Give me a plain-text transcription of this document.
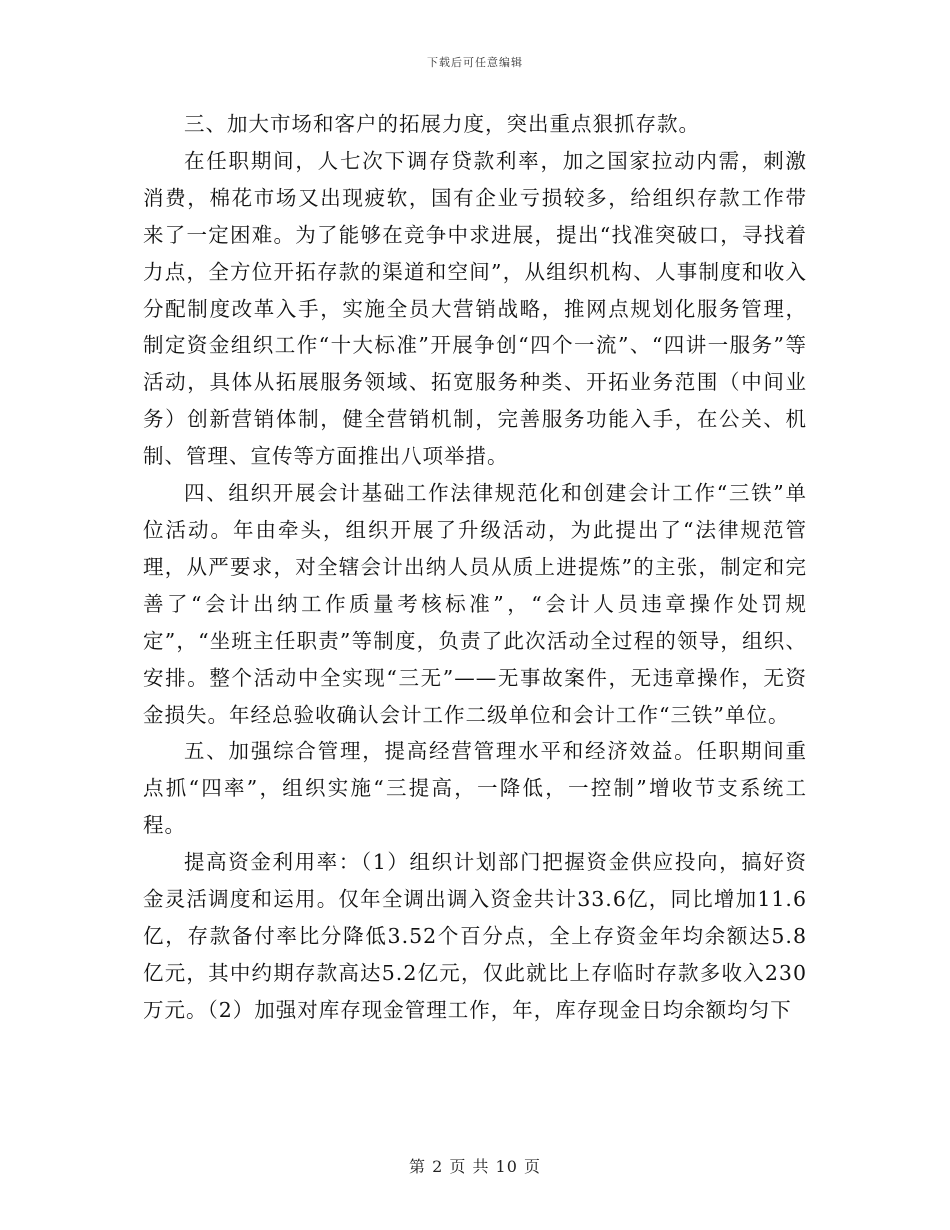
下载后可任意编辑

三、加大市场和客户的拓展力度，突出重点狠抓存款。

在任职期间，人七次下调存贷款利率，加之国家拉动内需，刺激消费，棉花市场又出现疲软，国有企业亏损较多，给组织存款工作带来了一定困难。为了能够在竞争中求进展，提出“找准突破口，寻找着力点，全方位开拓存款的渠道和空间”，从组织机构、人事制度和收入分配制度改革入手，实施全员大营销战略，推网点规划化服务管理，制定资金组织工作“十大标准”开展争创“四个一流”、“四讲一服务”等活动，具体从拓展服务领域、拓宽服务种类、开拓业务范围（中间业务）创新营销体制，健全营销机制，完善服务功能入手，在公关、机制、管理、宣传等方面推出八项举措。

四、组织开展会计基础工作法律规范化和创建会计工作“三铁”单位活动。年由牵头，组织开展了升级活动，为此提出了“法律规范管理，从严要求，对全辖会计出纳人员从质上进提炼”的主张，制定和完善了“会计出纳工作质量考核标准”，“会计人员违章操作处罚规定”，“坐班主任职责”等制度，负责了此次活动全过程的领导，组织、安排。整个活动中全实现“三无”——无事故案件，无违章操作，无资金损失。年经总验收确认会计工作二级单位和会计工作“三铁”单位。

五、加强综合管理，提高经营管理水平和经济效益。任职期间重点抓“四率”，组织实施“三提高，一降低，一控制”增收节支系统工程。

提高资金利用率：（1）组织计划部门把握资金供应投向，搞好资金灵活调度和运用。仅年全调出调入资金共计33.6亿，同比增加11.6亿，存款备付率比分降低3.52个百分点，全上存资金年均余额达5.8亿元，其中约期存款高达5.2亿元，仅此就比上存临时存款多收入230万元。（2）加强对库存现金管理工作，年，库存现金日均余额均匀下

第 2 页 共 10 页
